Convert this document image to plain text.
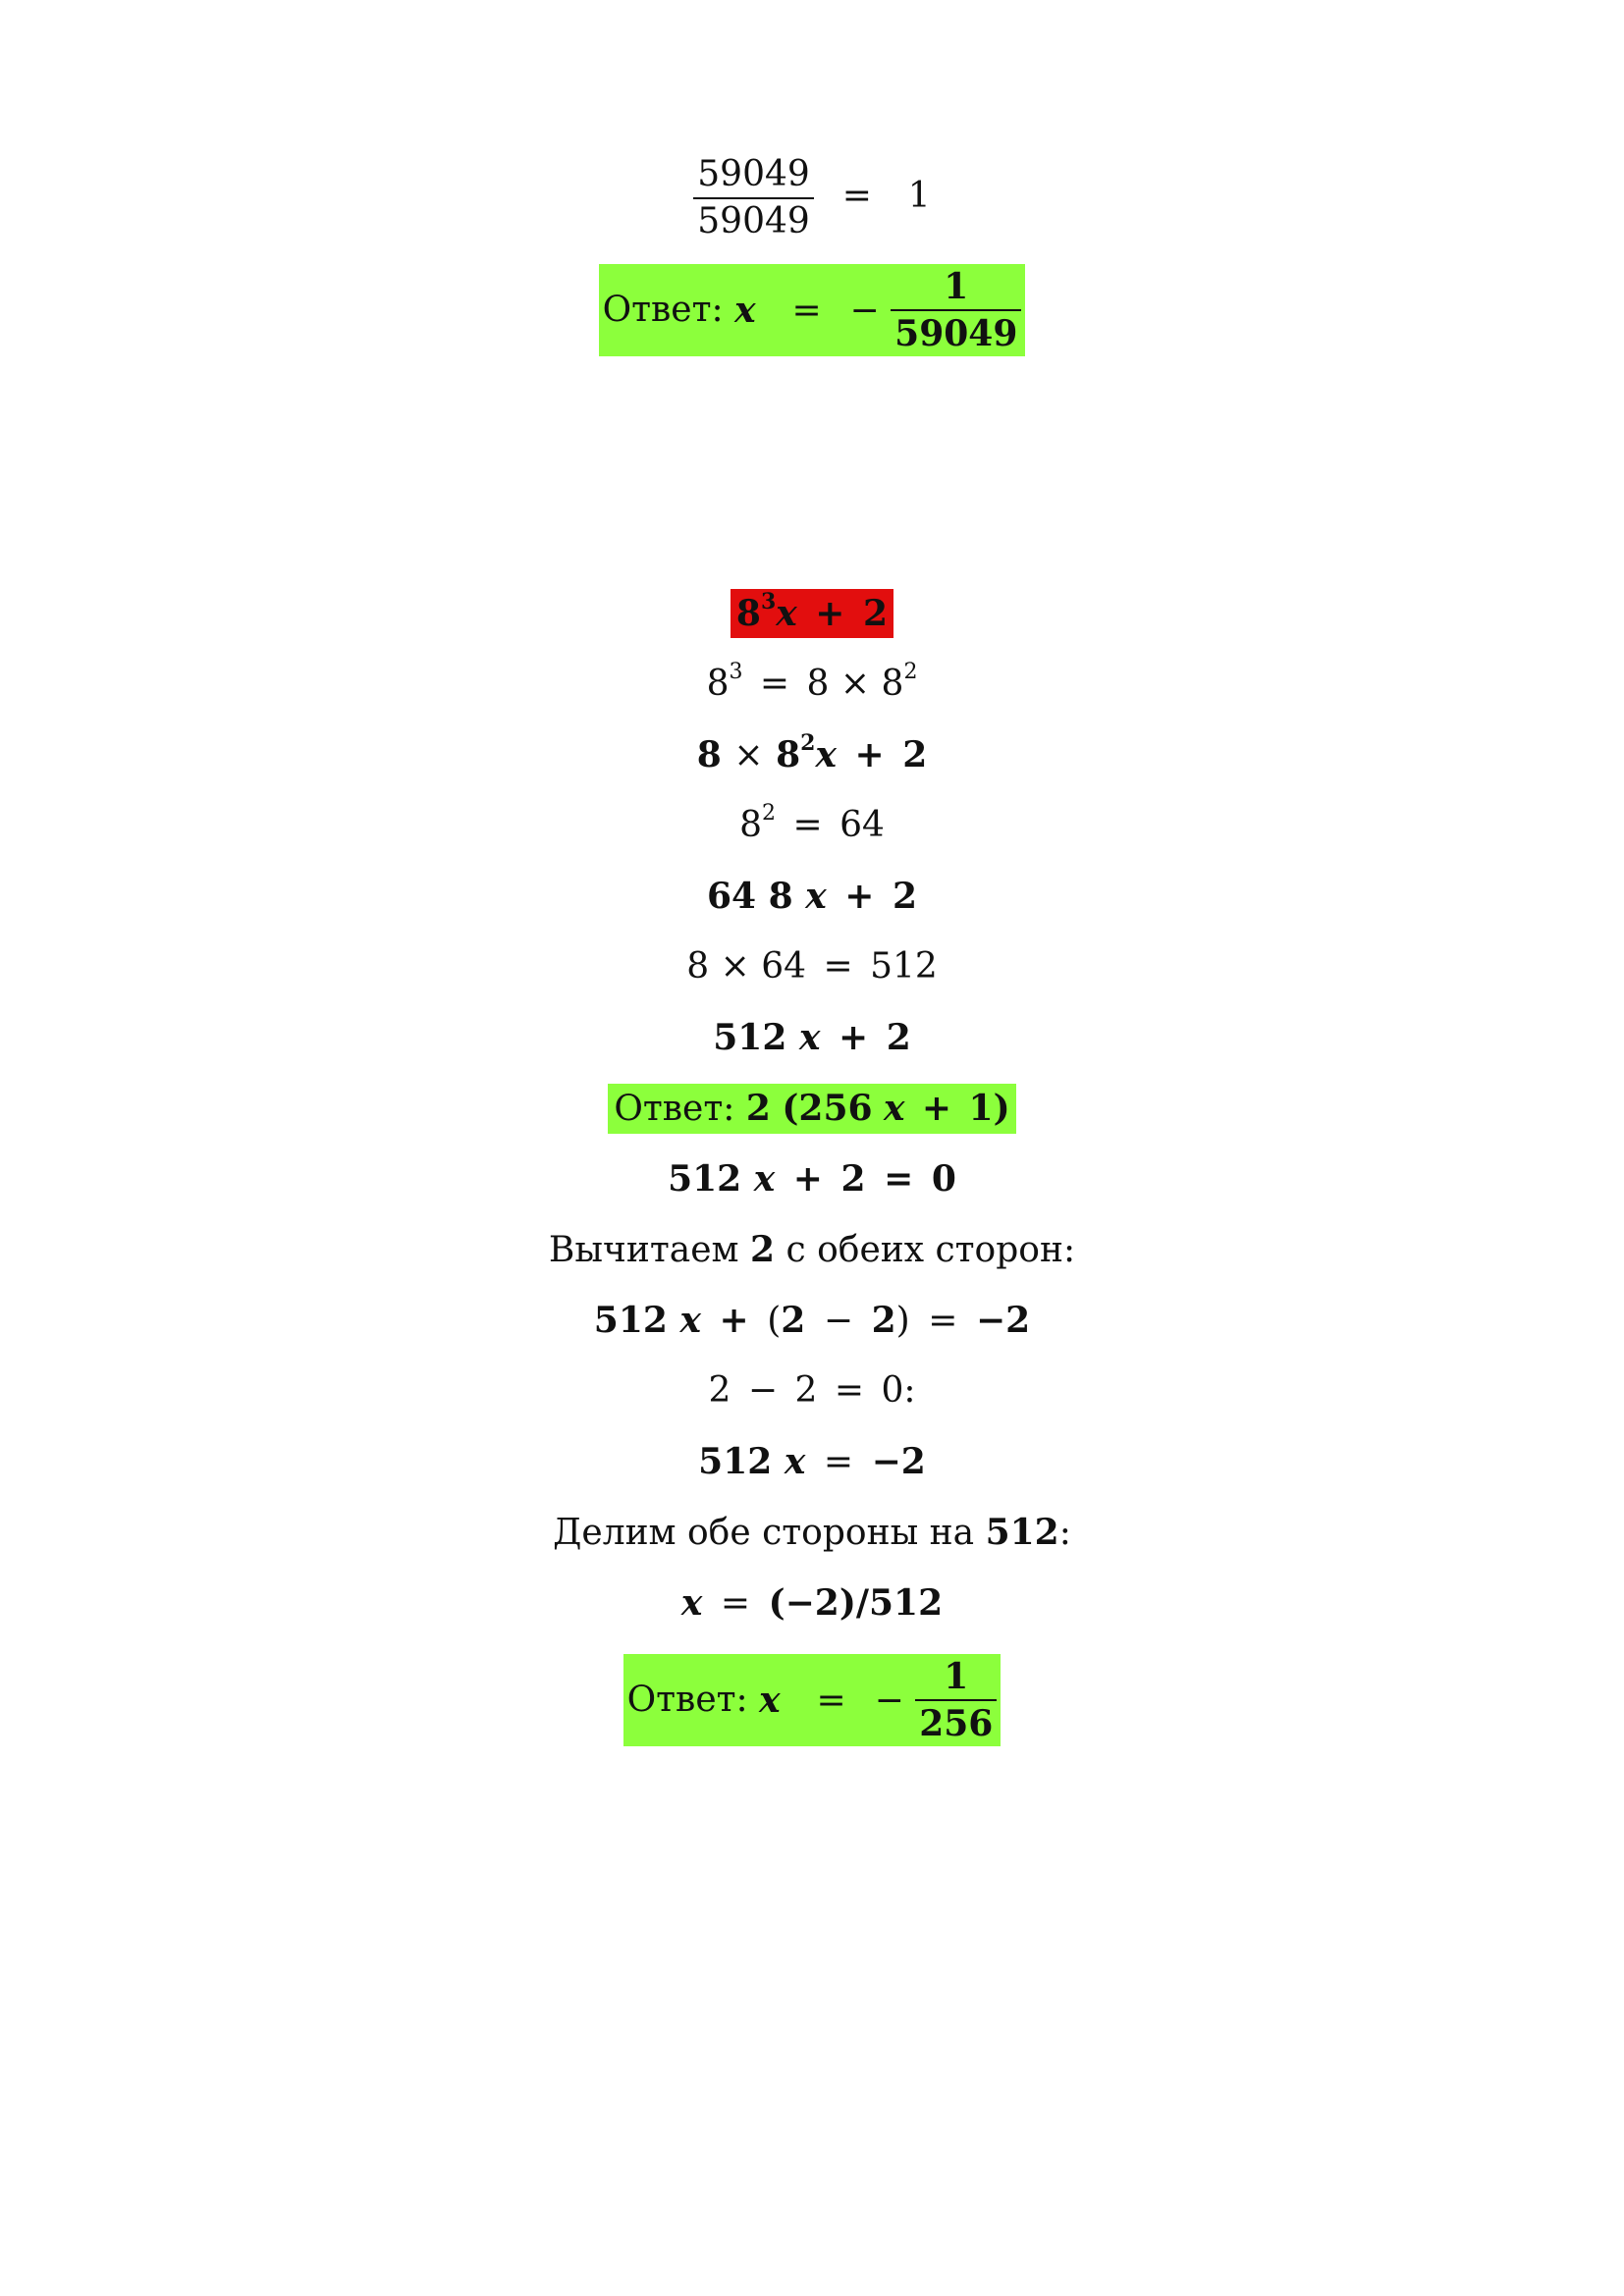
$\frac{59049}{59049} = 1$
Ответ: x = − $\frac{1}{59049}$
$8^3x + 2$
$8^3 = 8 \times 8^2$
$8 \times 8^2x + 2$
$8^2 = 64$
64 8 x + 2
8 × 64 = 512
512 x + 2
Ответ: 2 (256 x + 1)
512 x + 2 = 0
Вычитаем 2 с обеих сторон:
512 x + (2 − 2) = −2
2 − 2 = 0:
512 x = −2
Делим обе стороны на 512:
x = (−2)/512
Ответ: x = − $\frac{1}{256}$
